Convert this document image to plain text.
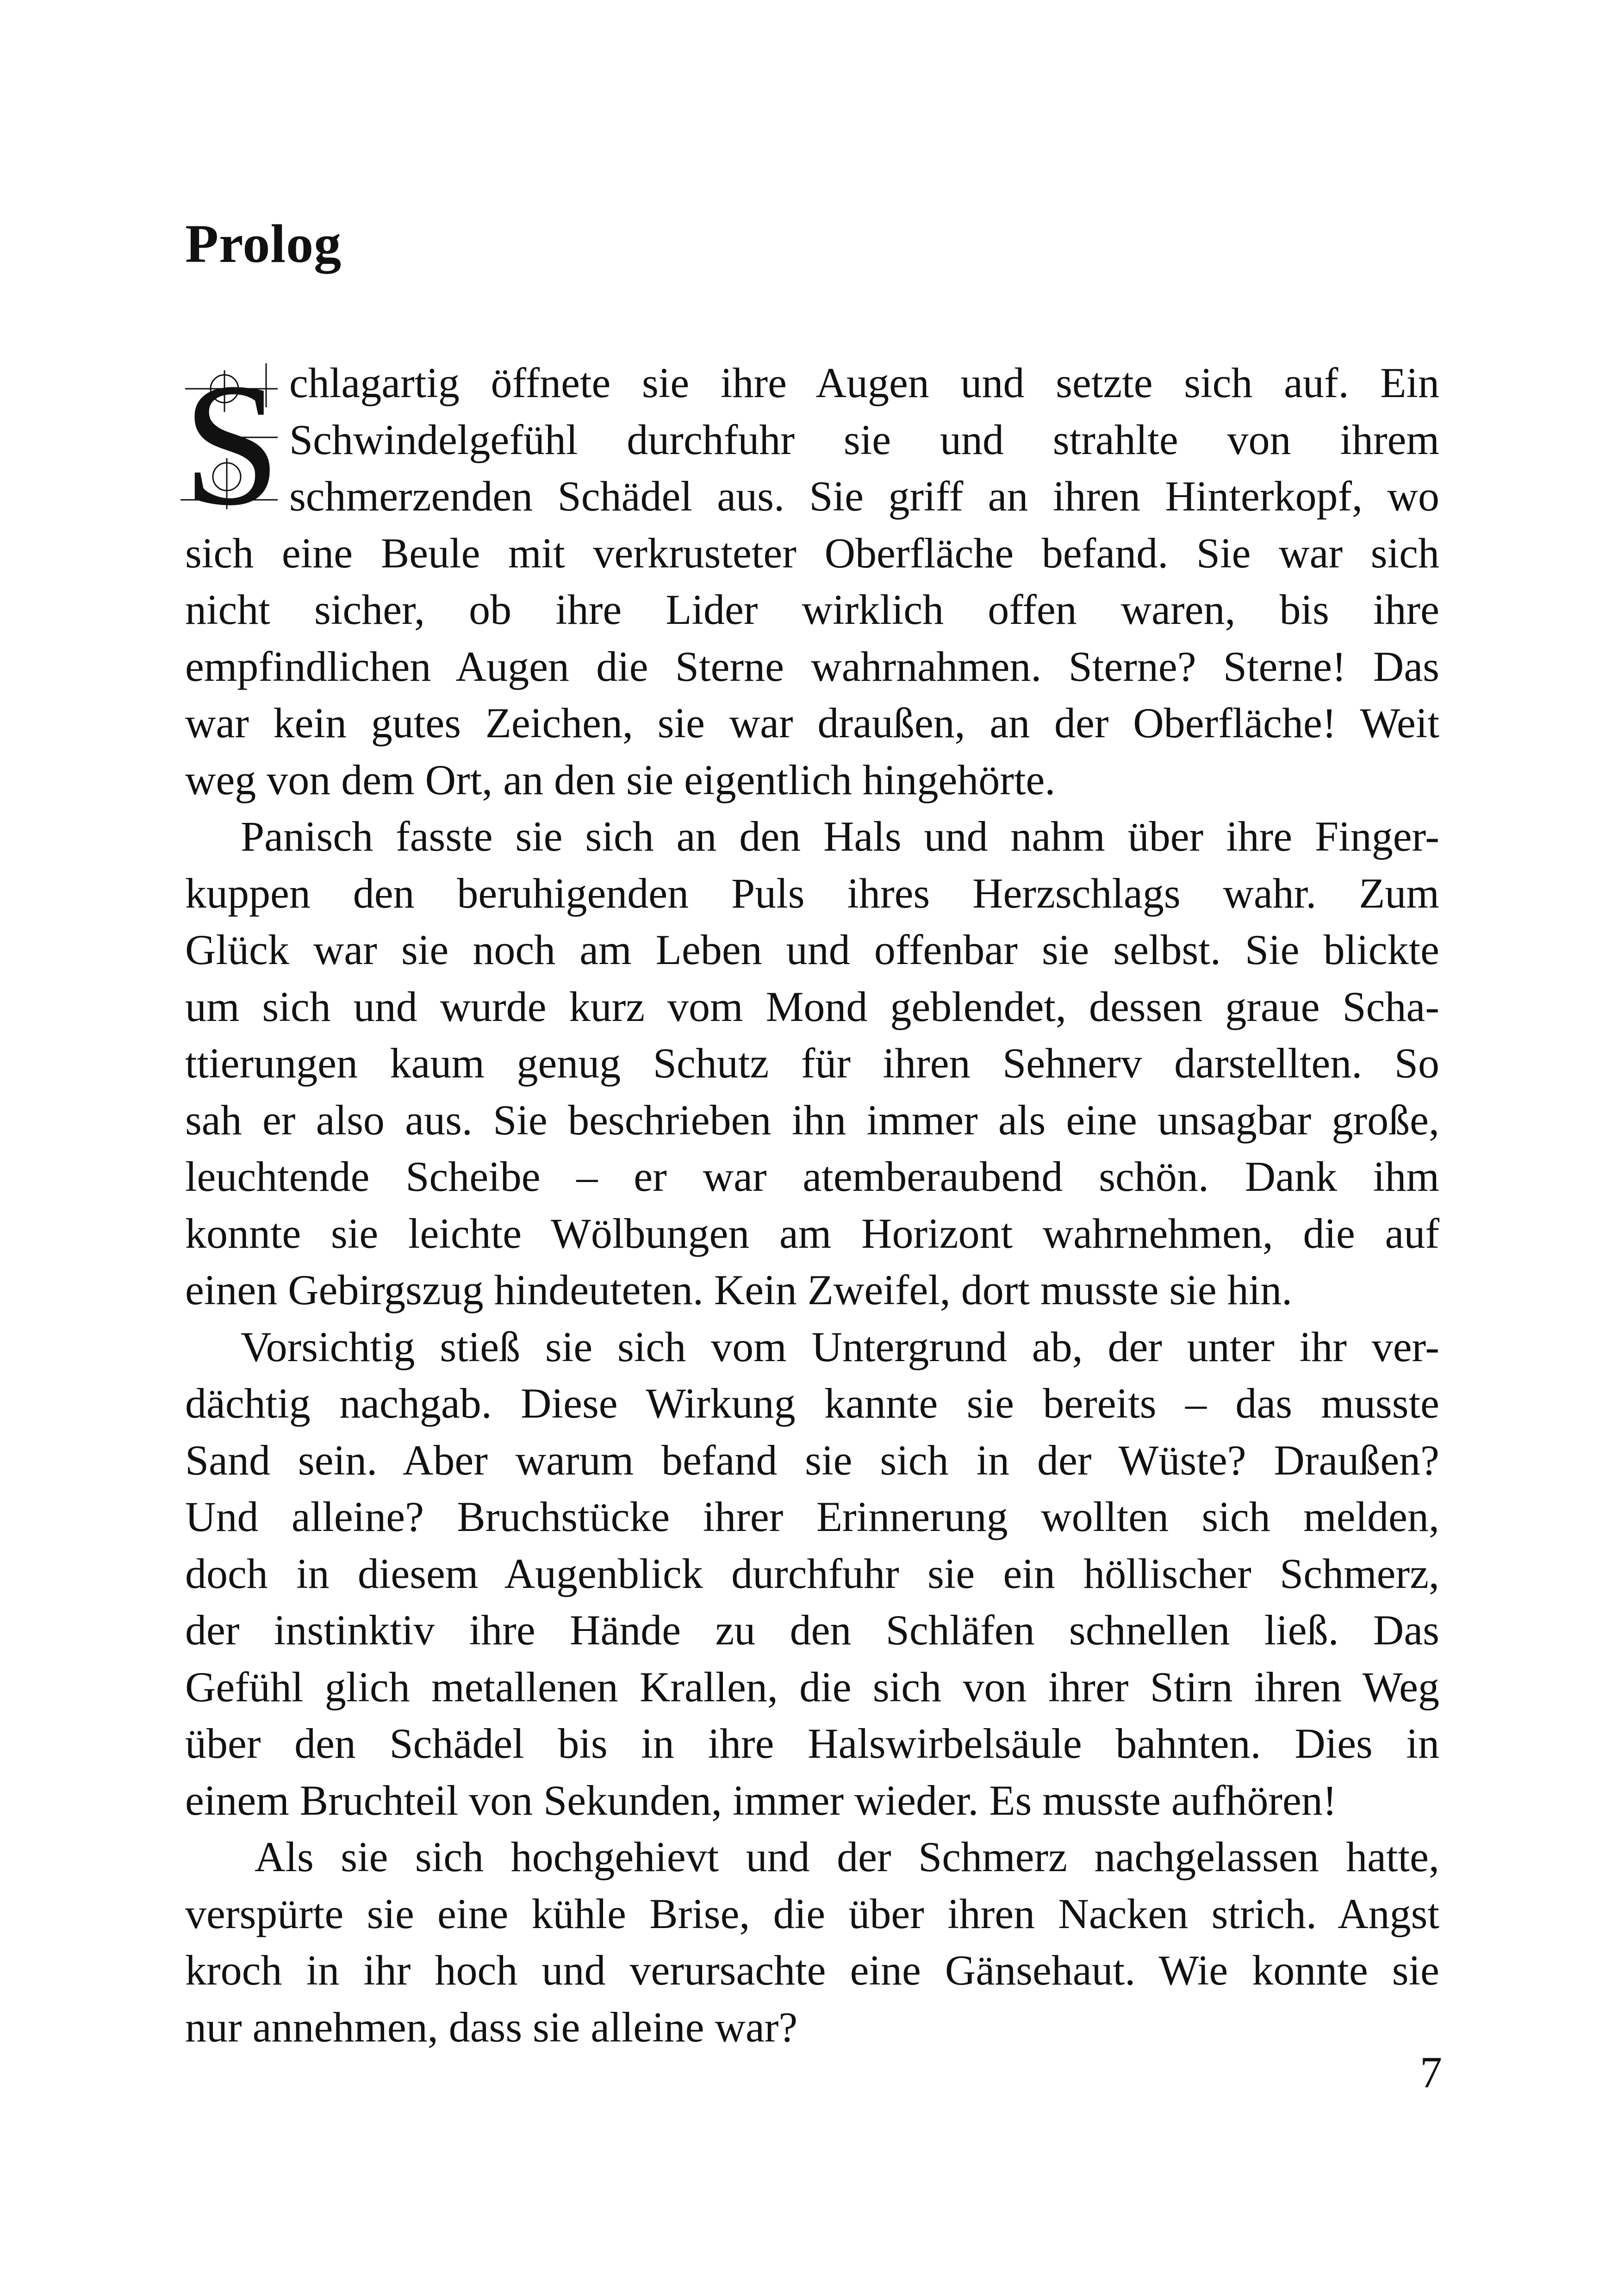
Prolog
S chlagartig öffnete sie ihre Augen und setzte sich auf. Ein
Schwindelgefühl durchfuhr sie und strahlte von ihrem
schmerzenden Schädel aus. Sie griff an ihren Hinterkopf, wo
sich eine Beule mit verkrusteter Oberfläche befand. Sie war sich
nicht sicher, ob ihre Lider wirklich offen waren, bis ihre
empfindlichen Augen die Sterne wahrnahmen. Sterne? Sterne! Das
war kein gutes Zeichen, sie war draußen, an der Oberfläche! Weit
weg von dem Ort, an den sie eigentlich hingehörte.
Panisch fasste sie sich an den Hals und nahm über ihre Finger-
kuppen den beruhigenden Puls ihres Herzschlags wahr. Zum
Glück war sie noch am Leben und offenbar sie selbst. Sie blickte
um sich und wurde kurz vom Mond geblendet, dessen graue Scha-
ttierungen kaum genug Schutz für ihren Sehnerv darstellten. So
sah er also aus. Sie beschrieben ihn immer als eine unsagbar große,
leuchtende Scheibe – er war atemberaubend schön. Dank ihm
konnte sie leichte Wölbungen am Horizont wahrnehmen, die auf
einen Gebirgszug hindeuteten. Kein Zweifel, dort musste sie hin.
Vorsichtig stieß sie sich vom Untergrund ab, der unter ihr ver-
dächtig nachgab. Diese Wirkung kannte sie bereits – das musste
Sand sein. Aber warum befand sie sich in der Wüste? Draußen?
Und alleine? Bruchstücke ihrer Erinnerung wollten sich melden,
doch in diesem Augenblick durchfuhr sie ein höllischer Schmerz,
der instinktiv ihre Hände zu den Schläfen schnellen ließ. Das
Gefühl glich metallenen Krallen, die sich von ihrer Stirn ihren Weg
über den Schädel bis in ihre Halswirbelsäule bahnten. Dies in
einem Bruchteil von Sekunden, immer wieder. Es musste aufhören!
Als sie sich hochgehievt und der Schmerz nachgelassen hatte,
verspürte sie eine kühle Brise, die über ihren Nacken strich. Angst
kroch in ihr hoch und verursachte eine Gänsehaut. Wie konnte sie
nur annehmen, dass sie alleine war?
7
